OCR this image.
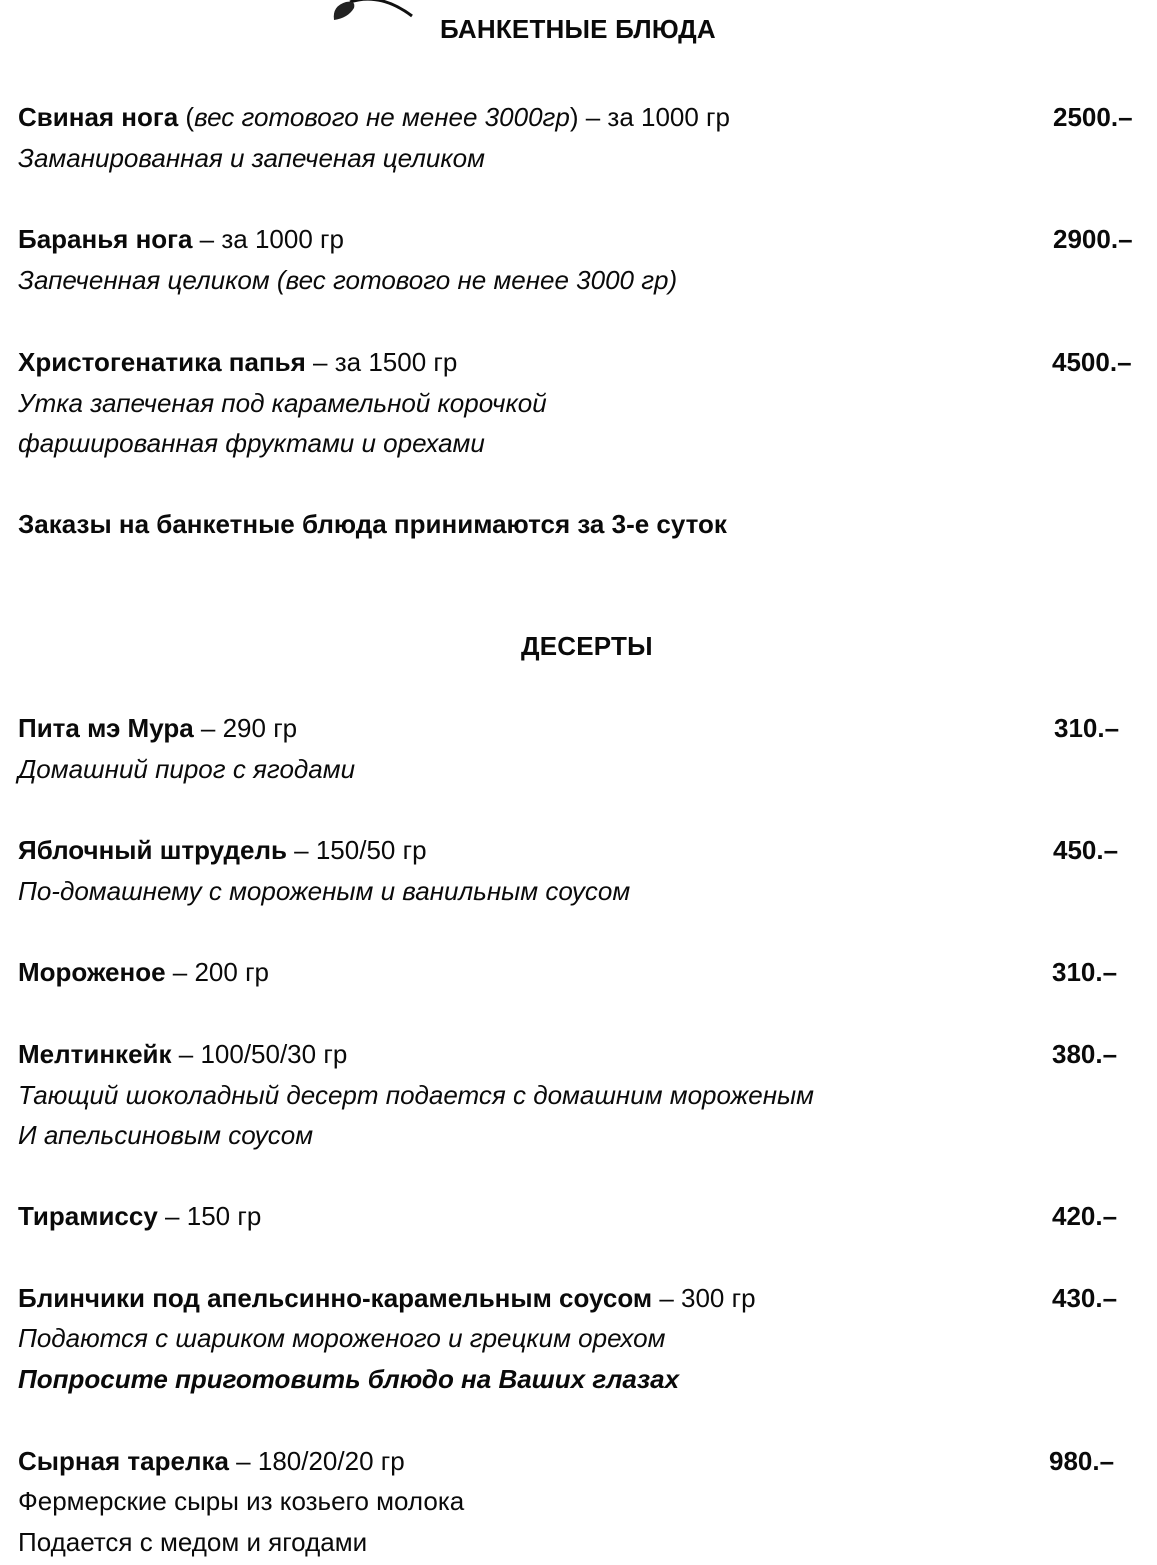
БАНКЕТНЫЕ БЛЮДА
Свиная нога (вес готового не менее 3000гр) – за 1000 гр
Заманированная и запеченая целиком
2500.–
Баранья нога – за 1000 гр
Запеченная целиком (вес готового не менее 3000 гр)
2900.–
Христогенатика папья – за 1500 гр
Утка запеченая под карамельной корочкой
фаршированная фруктами и орехами
4500.–
Заказы на банкетные блюда принимаются за 3-е суток
ДЕСЕРТЫ
Пита мэ Мура – 290 гр
Домашний пирог с ягодами
310.–
Яблочный штрудель – 150/50 гр
По-домашнему с мороженым и ванильным соусом
450.–
Мороженое – 200 гр	310.–
Мелтинкейк – 100/50/30 гр
Тающий шоколадный десерт подается с домашним мороженым
И апельсиновым соусом
380.–
Тирамиссу – 150 гр	420.–
Блинчики под апельсинно-карамельным соусом – 300 гр
Подаются с шариком мороженого и грецким орехом
Попросите приготовить блюдо на Ваших глазах
430.–
Сырная тарелка – 180/20/20 гр
Фермерские сыры из козьего молока
Подается с медом и ягодами
980.–
